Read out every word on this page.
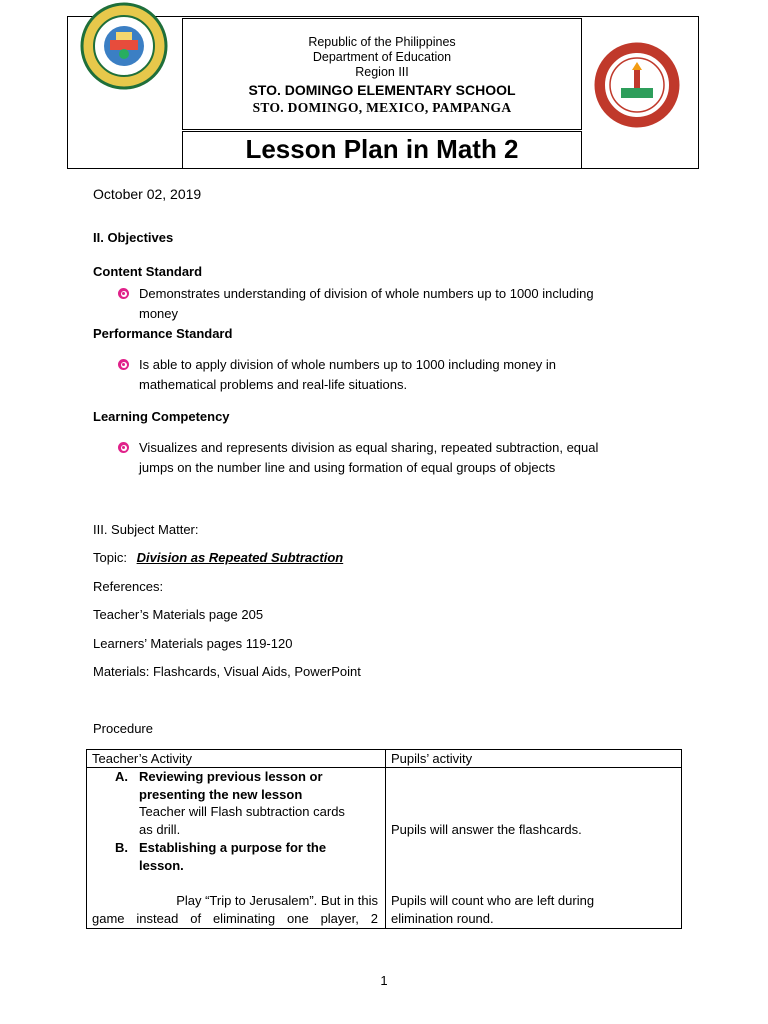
Republic of the Philippines
Department of Education
Region III
STO. DOMINGO ELEMENTARY SCHOOL
STO. DOMINGO, MEXICO, PAMPANGA
Lesson Plan in Math 2
October 02, 2019
II. Objectives
Content Standard
Demonstrates understanding of division of whole numbers up to 1000 including
money
Performance Standard
Is able to apply division of whole numbers up to 1000 including money in
mathematical problems and real-life situations.
Learning Competency
Visualizes and represents division as equal sharing, repeated subtraction, equal
jumps on the number line and using formation of equal groups of objects
III. Subject Matter:
Topic: Division as Repeated Subtraction
References:
Teacher’s Materials page 205
Learners’ Materials pages 119-120
Materials: Flashcards, Visual Aids, PowerPoint
Procedure
Teacher’s Activity	Pupils’ activity
A. Reviewing previous lesson or
presenting the new lesson
Teacher will Flash subtraction cards
as drill.
B. Establishing a purpose for the
lesson.
Play “Trip to Jerusalem”. But in this
game instead of eliminating one player, 2
Pupils will answer the flashcards.
Pupils will count who are left during
elimination round.
1
